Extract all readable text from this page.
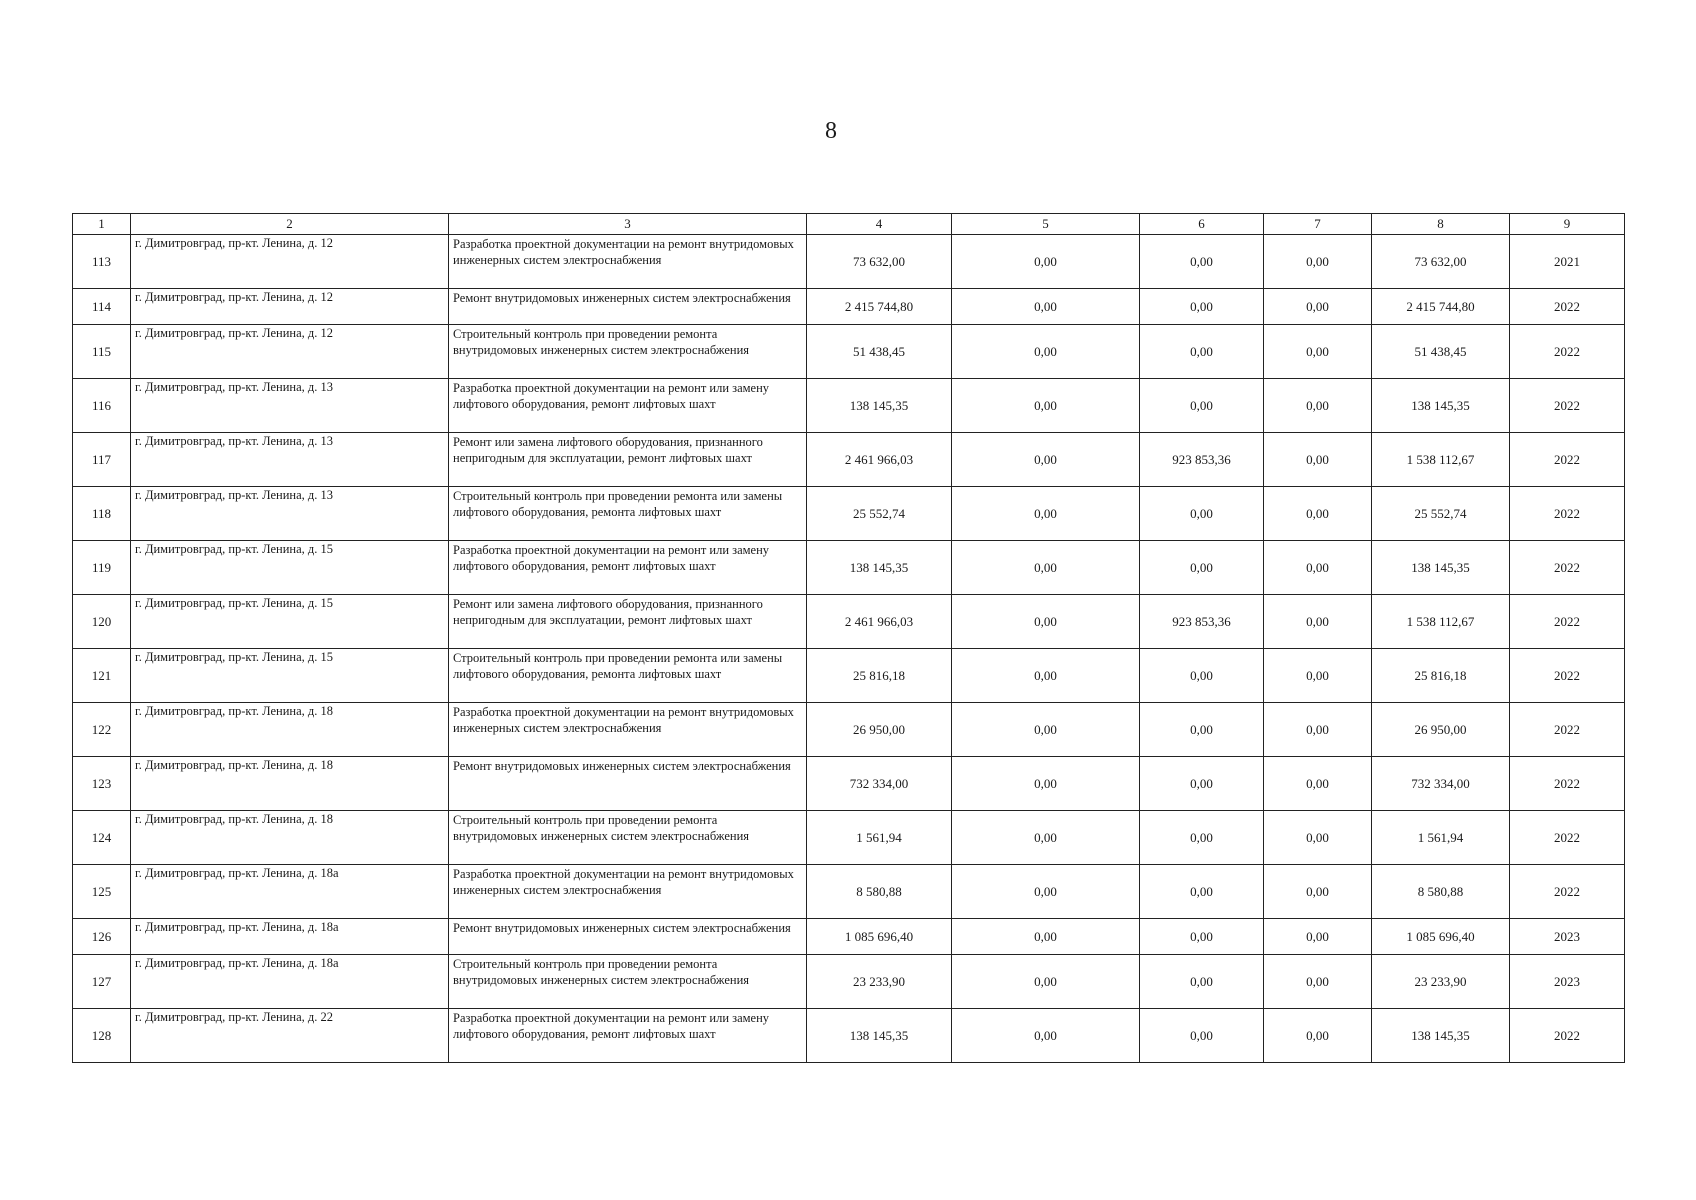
8
1	2	3	4	5	6	7	8	9
113	г. Димитровград, пр-кт. Ленина, д. 12	Разработка проектной документации на ремонт внутридомовых инженерных систем электроснабжения	73 632,00	0,00	0,00	0,00	73 632,00	2021
114	г. Димитровград, пр-кт. Ленина, д. 12	Ремонт внутридомовых инженерных систем электроснабжения	2 415 744,80	0,00	0,00	0,00	2 415 744,80	2022
115	г. Димитровград, пр-кт. Ленина, д. 12	Строительный контроль при проведении ремонта внутридомовых инженерных систем электроснабжения	51 438,45	0,00	0,00	0,00	51 438,45	2022
116	г. Димитровград, пр-кт. Ленина, д. 13	Разработка проектной документации на ремонт или замену лифтового оборудования, ремонт лифтовых шахт	138 145,35	0,00	0,00	0,00	138 145,35	2022
117	г. Димитровград, пр-кт. Ленина, д. 13	Ремонт или замена лифтового оборудования, признанного непригодным для эксплуатации, ремонт лифтовых шахт	2 461 966,03	0,00	923 853,36	0,00	1 538 112,67	2022
118	г. Димитровград, пр-кт. Ленина, д. 13	Строительный контроль при проведении ремонта или замены лифтового оборудования, ремонта лифтовых шахт	25 552,74	0,00	0,00	0,00	25 552,74	2022
119	г. Димитровград, пр-кт. Ленина, д. 15	Разработка проектной документации на ремонт или замену лифтового оборудования, ремонт лифтовых шахт	138 145,35	0,00	0,00	0,00	138 145,35	2022
120	г. Димитровград, пр-кт. Ленина, д. 15	Ремонт или замена лифтового оборудования, признанного непригодным для эксплуатации, ремонт лифтовых шахт	2 461 966,03	0,00	923 853,36	0,00	1 538 112,67	2022
121	г. Димитровград, пр-кт. Ленина, д. 15	Строительный контроль при проведении ремонта или замены лифтового оборудования, ремонта лифтовых шахт	25 816,18	0,00	0,00	0,00	25 816,18	2022
122	г. Димитровград, пр-кт. Ленина, д. 18	Разработка проектной документации на ремонт внутридомовых инженерных систем электроснабжения	26 950,00	0,00	0,00	0,00	26 950,00	2022
123	г. Димитровград, пр-кт. Ленина, д. 18	Ремонт внутридомовых инженерных систем электроснабжения	732 334,00	0,00	0,00	0,00	732 334,00	2022
124	г. Димитровград, пр-кт. Ленина, д. 18	Строительный контроль при проведении ремонта внутридомовых инженерных систем электроснабжения	1 561,94	0,00	0,00	0,00	1 561,94	2022
125	г. Димитровград, пр-кт. Ленина, д. 18а	Разработка проектной документации на ремонт внутридомовых инженерных систем электроснабжения	8 580,88	0,00	0,00	0,00	8 580,88	2022
126	г. Димитровград, пр-кт. Ленина, д. 18а	Ремонт внутридомовых инженерных систем электроснабжения	1 085 696,40	0,00	0,00	0,00	1 085 696,40	2023
127	г. Димитровград, пр-кт. Ленина, д. 18а	Строительный контроль при проведении ремонта внутридомовых инженерных систем электроснабжения	23 233,90	0,00	0,00	0,00	23 233,90	2023
128	г. Димитровград, пр-кт. Ленина, д. 22	Разработка проектной документации на ремонт или замену лифтового оборудования, ремонт лифтовых шахт	138 145,35	0,00	0,00	0,00	138 145,35	2022
